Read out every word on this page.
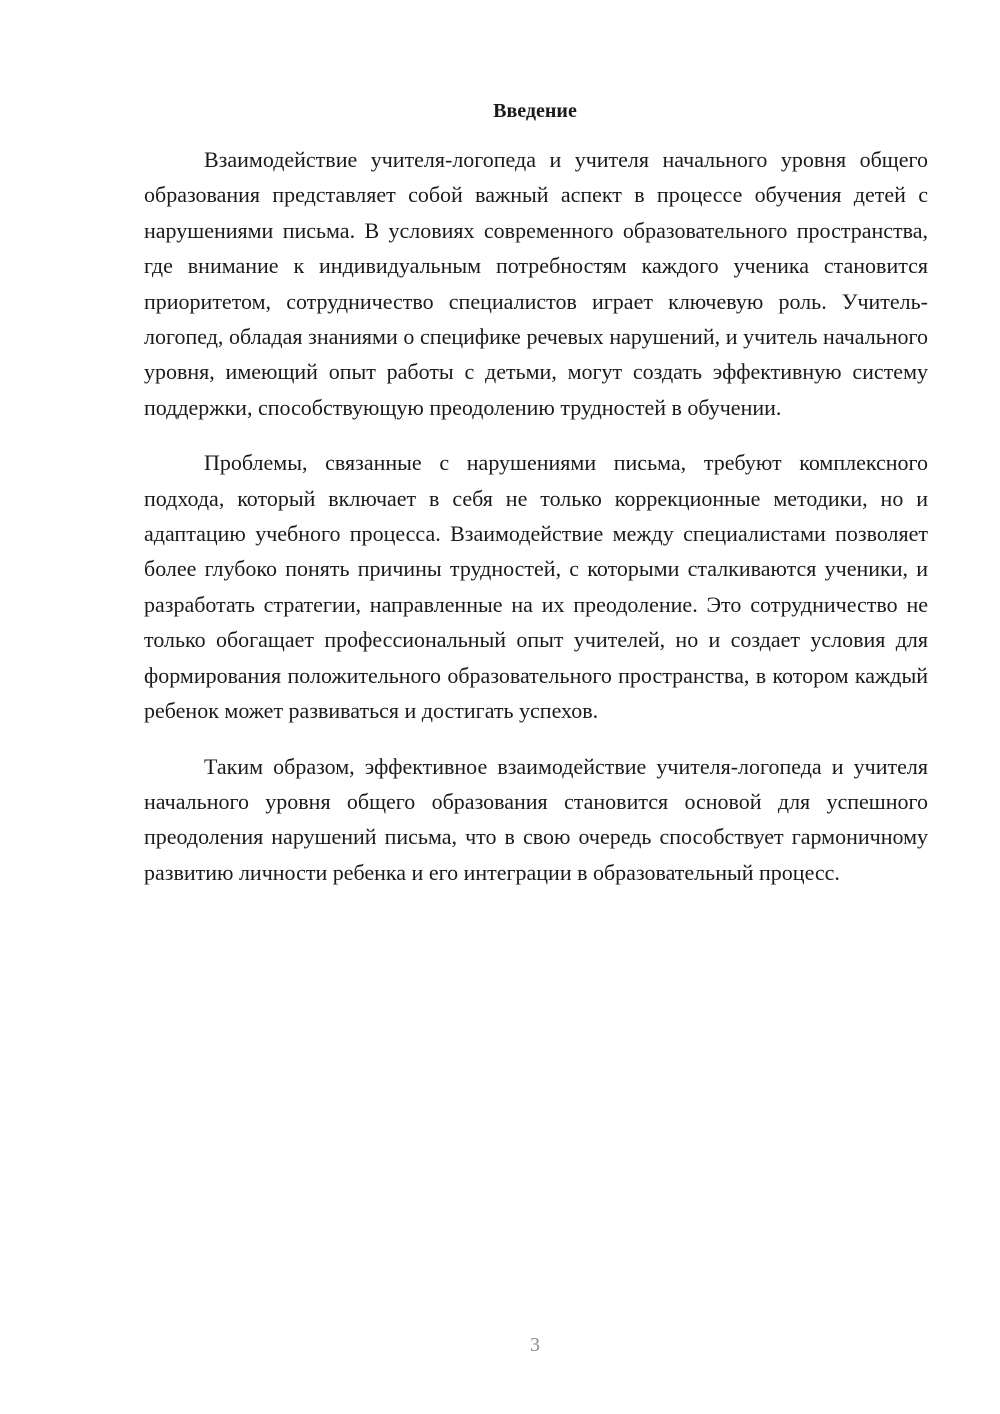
Введение

Взаимодействие учителя-логопеда и учителя начального уровня общего образования представляет собой важный аспект в процессе обучения детей с нарушениями письма. В условиях современного образовательного пространства, где внимание к индивидуальным потребностям каждого ученика становится приоритетом, сотрудничество специалистов играет ключевую роль. Учитель-логопед, обладая знаниями о специфике речевых нарушений, и учитель начального уровня, имеющий опыт работы с детьми, могут создать эффективную систему поддержки, способствующую преодолению трудностей в обучении.

Проблемы, связанные с нарушениями письма, требуют комплексного подхода, который включает в себя не только коррекционные методики, но и адаптацию учебного процесса. Взаимодействие между специалистами позволяет более глубоко понять причины трудностей, с которыми сталкиваются ученики, и разработать стратегии, направленные на их преодоление. Это сотрудничество не только обогащает профессиональный опыт учителей, но и создает условия для формирования положительного образовательного пространства, в котором каждый ребенок может развиваться и достигать успехов.

Таким образом, эффективное взаимодействие учителя-логопеда и учителя начального уровня общего образования становится основой для успешного преодоления нарушений письма, что в свою очередь способствует гармоничному развитию личности ребенка и его интеграции в образовательный процесс.

3
